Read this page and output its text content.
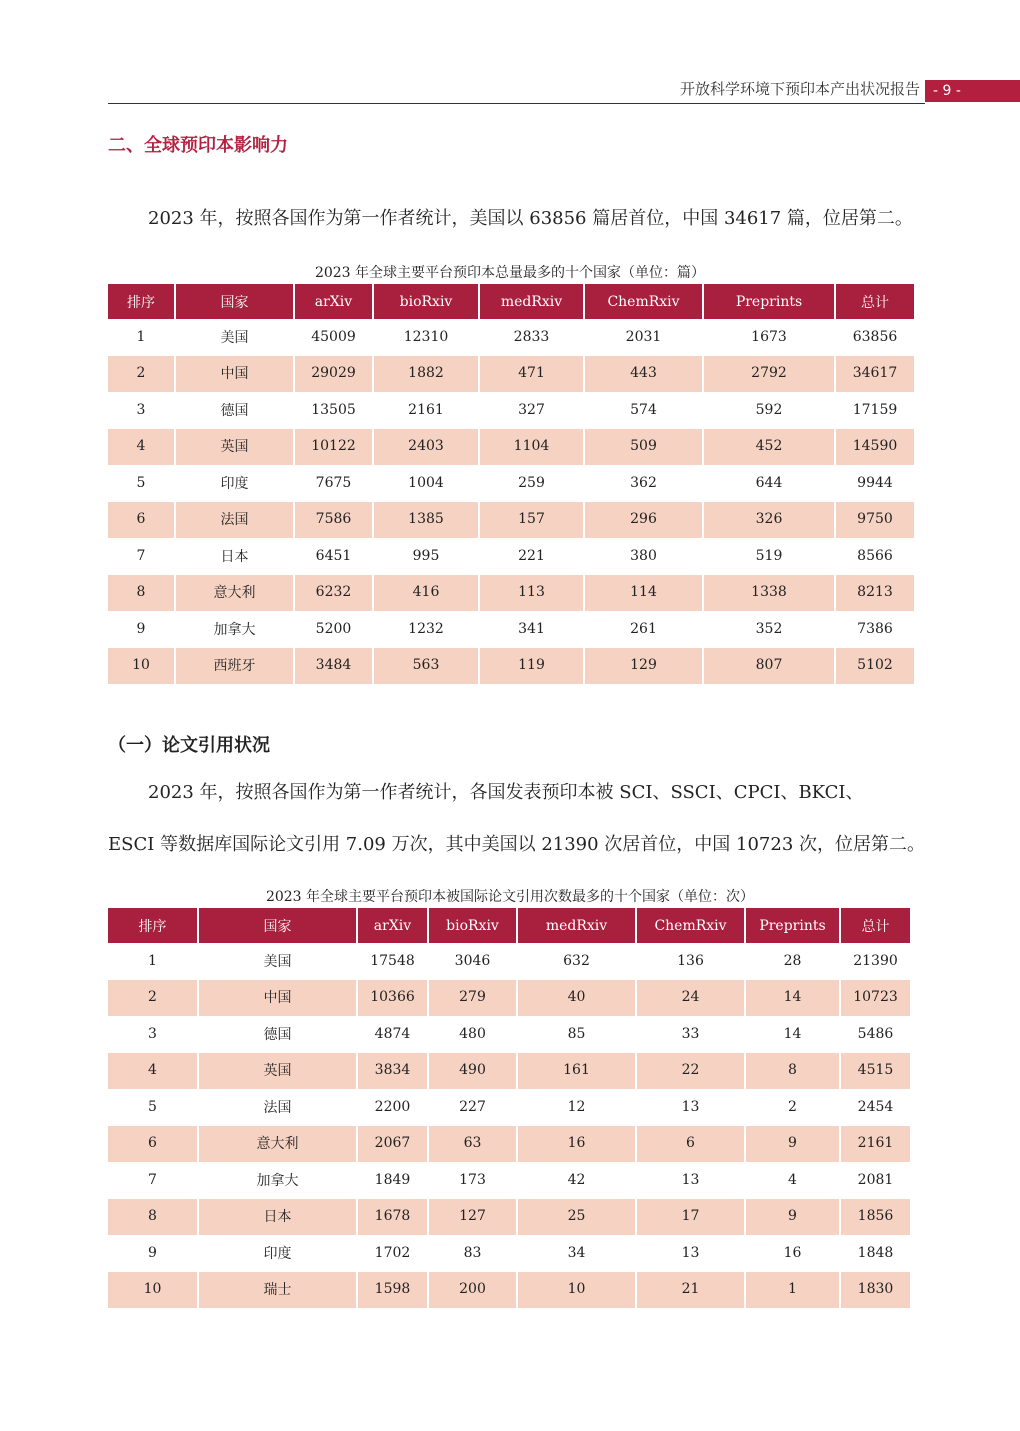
开放科学环境下预印本产出状况报告 - 9 -
二、全球预印本影响力
2023 年，按照各国作为第一作者统计，美国以 63856 篇居首位，中国 34617 篇，位居第二。
2023 年全球主要平台预印本总量最多的十个国家（单位：篇）
排序	国家	arXiv	bioRxiv	medRxiv	ChemRxiv	Preprints	总计
1	美国	45009	12310	2833	2031	1673	63856
2	中国	29029	1882	471	443	2792	34617
3	德国	13505	2161	327	574	592	17159
4	英国	10122	2403	1104	509	452	14590
5	印度	7675	1004	259	362	644	9944
6	法国	7586	1385	157	296	326	9750
7	日本	6451	995	221	380	519	8566
8	意大利	6232	416	113	114	1338	8213
9	加拿大	5200	1232	341	261	352	7386
10	西班牙	3484	563	119	129	807	5102
（一）论文引用状况
2023 年，按照各国作为第一作者统计，各国发表预印本被 SCI、SSCI、CPCI、BKCI、
ESCI 等数据库国际论文引用 7.09 万次，其中美国以 21390 次居首位，中国 10723 次，位居第二。
2023 年全球主要平台预印本被国际论文引用次数最多的十个国家（单位：次）
排序	国家	arXiv	bioRxiv	medRxiv	ChemRxiv	Preprints	总计
1	美国	17548	3046	632	136	28	21390
2	中国	10366	279	40	24	14	10723
3	德国	4874	480	85	33	14	5486
4	英国	3834	490	161	22	8	4515
5	法国	2200	227	12	13	2	2454
6	意大利	2067	63	16	6	9	2161
7	加拿大	1849	173	42	13	4	2081
8	日本	1678	127	25	17	9	1856
9	印度	1702	83	34	13	16	1848
10	瑞士	1598	200	10	21	1	1830
